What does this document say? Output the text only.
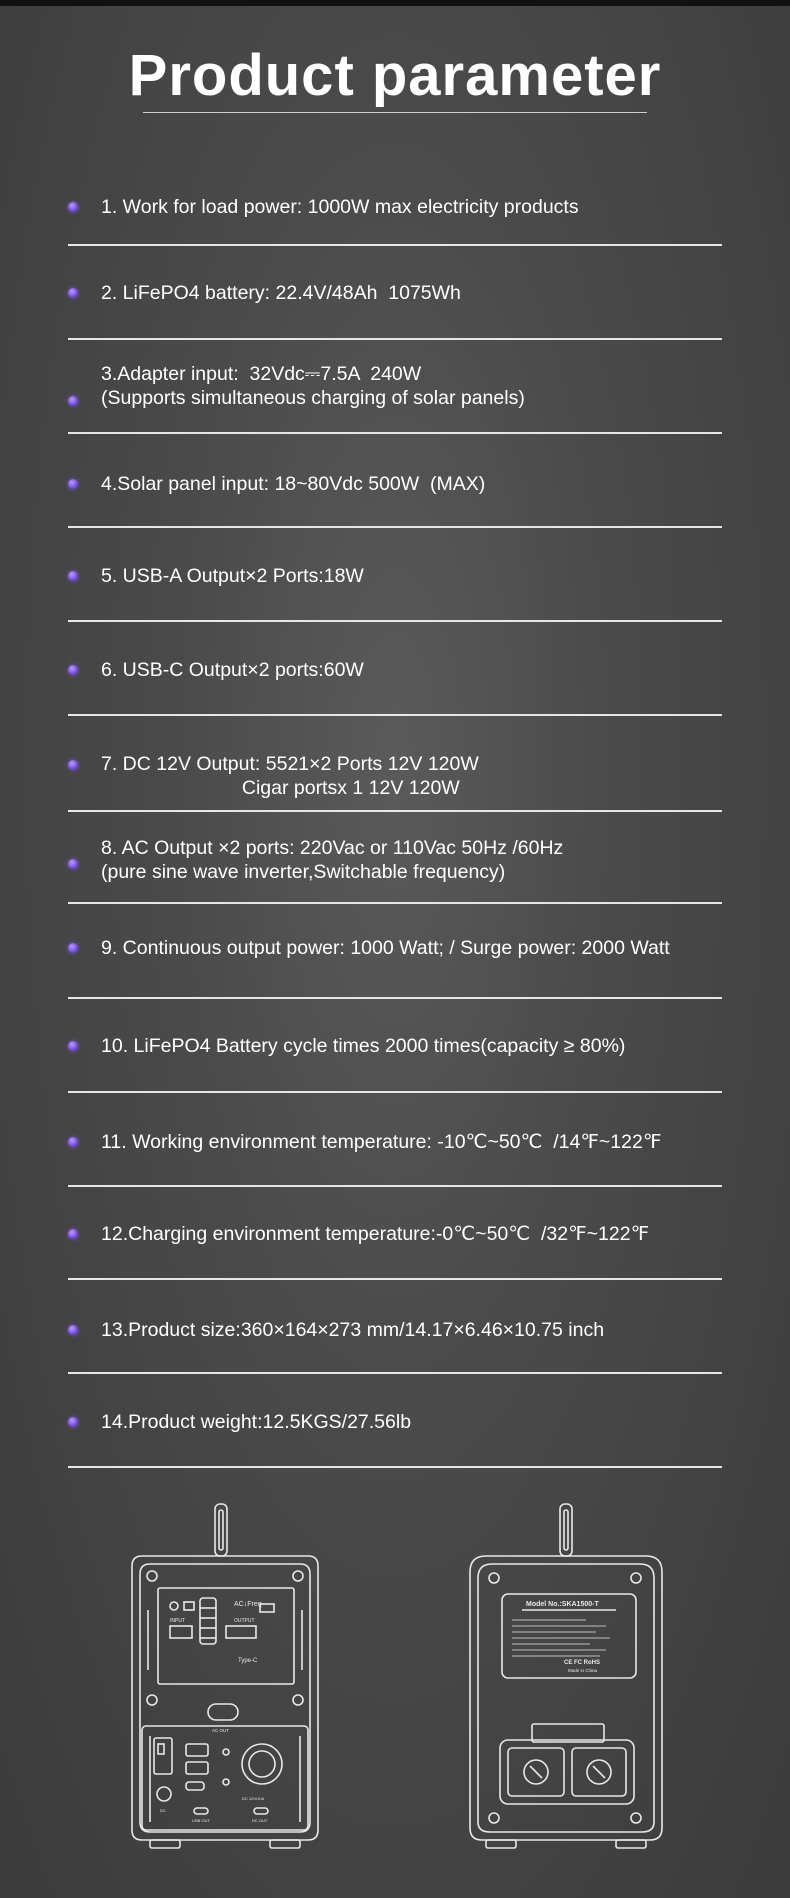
Product parameter
1. Work for load power: 1000W max electricity products
2. LiFePO4 battery: 22.4V/48Ah  1075Wh
3.Adapter input:  32Vdc⎓7.5A  240W
(Supports simultaneous charging of solar panels)
4.Solar panel input: 18~80Vdc 500W  (MAX)
5. USB-A Output×2 Ports:18W
6. USB-C Output×2 ports:60W
7. DC 12V Output: 5521×2 Ports 12V 120W
Cigar portsx 1 12V 120W
8. AC Output ×2 ports: 220Vac or 110Vac 50Hz /60Hz
(pure sine wave inverter,Switchable frequency)
9. Continuous output power: 1000 Watt; / Surge power: 2000 Watt
10. LiFePO4 Battery cycle times 2000 times(capacity ≥ 80%)
11. Working environment temperature: -10℃~50℃  /14℉~122℉
12.Charging environment temperature:-0℃~50℃  /32℉~122℉
13.Product size:360×164×273 mm/14.17×6.46×10.75 inch
14.Product weight:12.5KGS/27.56lb
AC↓Freq
INPUT	OUTPUT
AC OUT
DC
Type-C
DC 12V/10A
USB OUT	DC OUT
Model No.:SKA1500-T
Made in China
CE FC RoHS
